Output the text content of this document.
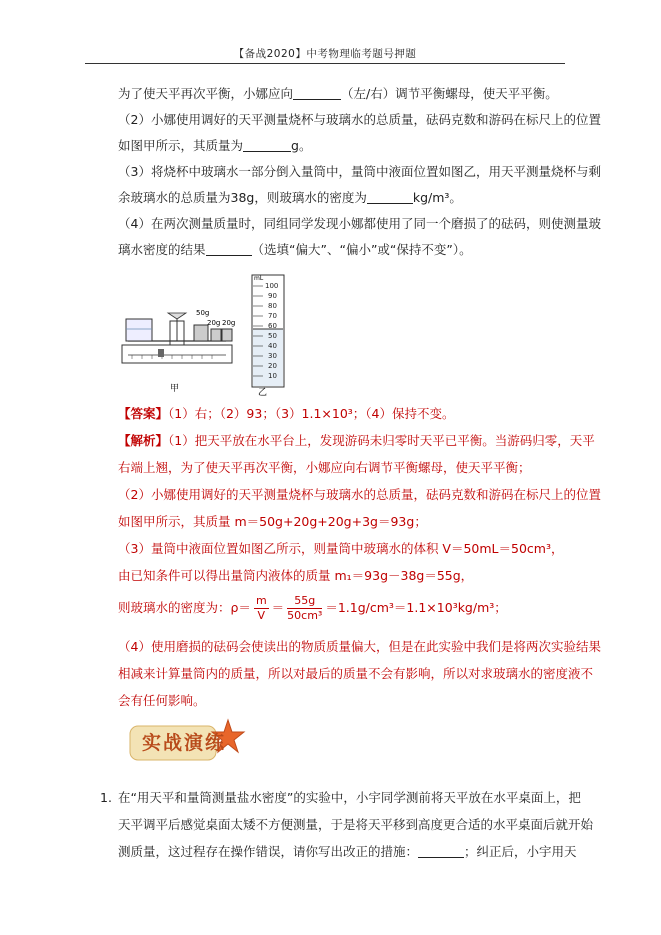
【备战2020】中考物理临考题号押题
为了使天平再次平衡，小娜应向	（左/右）调节平衡螺母，使天平平衡。
（2）小娜使用调好的天平测量烧杯与玻璃水的总质量，砝码克数和游码在标尺上的位置
如图甲所示，其质量为	g。
（3）将烧杯中玻璃水一部分倒入量筒中，量筒中液面位置如图乙，用天平测量烧杯与剩
余玻璃水的总质量为38g，则玻璃水的密度为	kg/m³。
（4）在两次测量质量时，同组同学发现小娜都使用了同一个磨损了的砝码，则使测量玻
璃水密度的结果	（选填“偏大”、“偏小”或“保持不变”）。
50g
20g 20g
甲
mL
100
90
80
70
60
50
40
30
20
10
乙
【答案】（1）右；（2）93；（3）1.1×10³；（4）保持不变。
【解析】（1）把天平放在水平台上，发现游码未归零时天平已平衡。当游码归零，天平
右端上翘，为了使天平再次平衡，小娜应向右调节平衡螺母，使天平平衡；
（2）小娜使用调好的天平测量烧杯与玻璃水的总质量，砝码克数和游码在标尺上的位置
如图甲所示，其质量 m＝50g+20g+20g+3g＝93g；
（3）量筒中液面位置如图乙所示，则量筒中玻璃水的体积 V＝50mL＝50cm³，
由已知条件可以得出量筒内液体的质量 m₁＝93g－38g＝55g，
则玻璃水的密度为：$\rho= \frac{m}{V} = \frac{55g}{\text{50cm³}} =1.1g/cm^3=1.1\times 10^3kg/m^3$；
（4）使用磨损的砝码会使读出的物质质量偏大，但是在此实验中我们是将两次实验结果
相减来计算量筒内的质量，所以对最后的质量不会有影响，所以对求玻璃水的密度液不
会有任何影响。
实战演练
1. 在“用天平和量筒测量盐水密度”的实验中，小宇同学测前将天平放在水平桌面上，把
天平调平后感觉桌面太矮不方便测量，于是将天平移到高度更合适的水平桌面后就开始
测质量，这过程存在操作错误，请你写出改正的措施：	；纠正后，小宇用天
